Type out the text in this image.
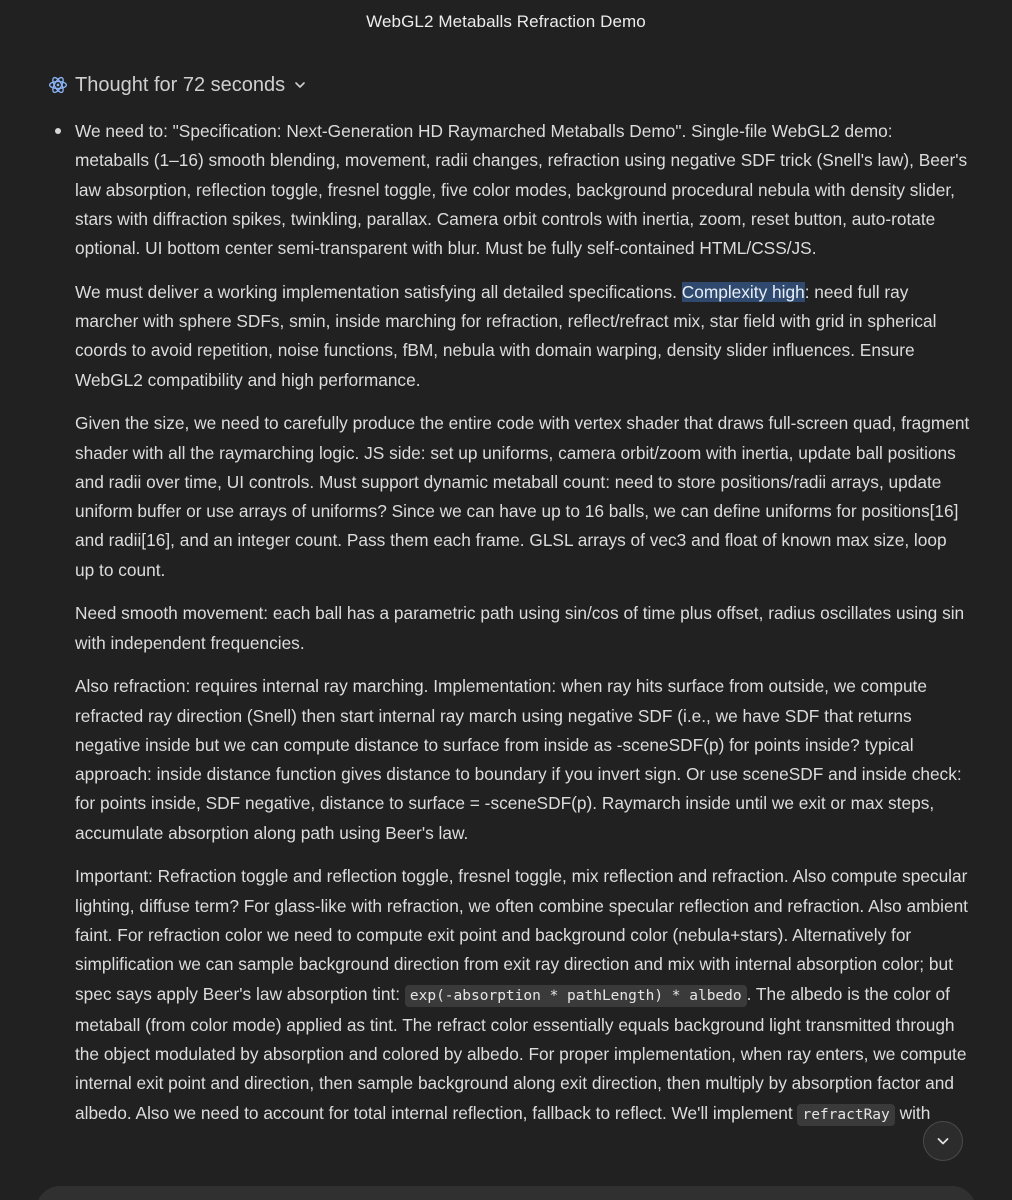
WebGL2 Metaballs Refraction Demo
Thought for 72 seconds

We need to: "Specification: Next-Generation HD Raymarched Metaballs Demo". Single-file WebGL2 demo: metaballs (1–16) smooth blending, movement, radii changes, refraction using negative SDF trick (Snell's law), Beer's law absorption, reflection toggle, fresnel toggle, five color modes, background procedural nebula with density slider, stars with diffraction spikes, twinkling, parallax. Camera orbit controls with inertia, zoom, reset button, auto-rotate optional. UI bottom center semi-transparent with blur. Must be fully self-contained HTML/CSS/JS.

We must deliver a working implementation satisfying all detailed specifications. Complexity high: need full ray marcher with sphere SDFs, smin, inside marching for refraction, reflect/refract mix, star field with grid in spherical coords to avoid repetition, noise functions, fBM, nebula with domain warping, density slider influences. Ensure WebGL2 compatibility and high performance.

Given the size, we need to carefully produce the entire code with vertex shader that draws full-screen quad, fragment shader with all the raymarching logic. JS side: set up uniforms, camera orbit/zoom with inertia, update ball positions and radii over time, UI controls. Must support dynamic metaball count: need to store positions/radii arrays, update uniform buffer or use arrays of uniforms? Since we can have up to 16 balls, we can define uniforms for positions[16] and radii[16], and an integer count. Pass them each frame. GLSL arrays of vec3 and float of known max size, loop up to count.

Need smooth movement: each ball has a parametric path using sin/cos of time plus offset, radius oscillates using sin with independent frequencies.

Also refraction: requires internal ray marching. Implementation: when ray hits surface from outside, we compute refracted ray direction (Snell) then start internal ray march using negative SDF (i.e., we have SDF that returns negative inside but we can compute distance to surface from inside as -sceneSDF(p) for points inside? typical approach: inside distance function gives distance to boundary if you invert sign. Or use sceneSDF and inside check: for points inside, SDF negative, distance to surface = -sceneSDF(p). Raymarch inside until we exit or max steps, accumulate absorption along path using Beer's law.

Important: Refraction toggle and reflection toggle, fresnel toggle, mix reflection and refraction. Also compute specular lighting, diffuse term? For glass-like with refraction, we often combine specular reflection and refraction. Also ambient faint. For refraction color we need to compute exit point and background color (nebula+stars). Alternatively for simplification we can sample background direction from exit ray direction and mix with internal absorption color; but spec says apply Beer's law absorption tint: exp(-absorption * pathLength) * albedo . The albedo is the color of metaball (from color mode) applied as tint. The refract color essentially equals background light transmitted through the object modulated by absorption and colored by albedo. For proper implementation, when ray enters, we compute internal exit point and direction, then sample background along exit direction, then multiply by absorption factor and albedo. Also we need to account for total internal reflection, fallback to reflect. We'll implement refractRay with
